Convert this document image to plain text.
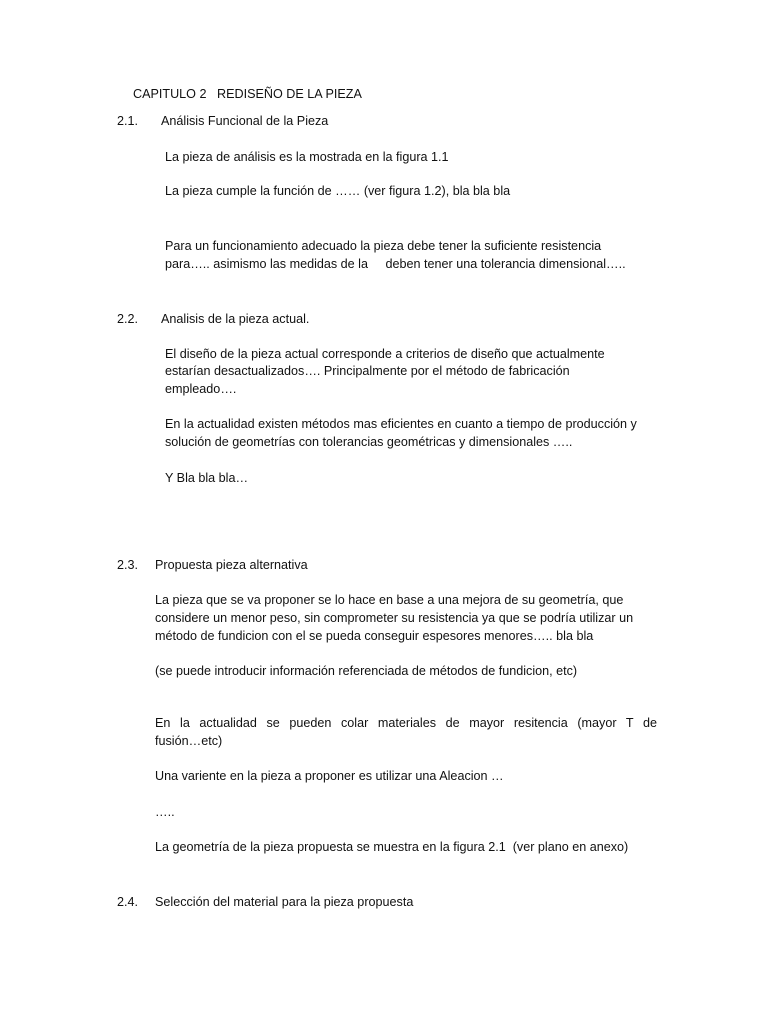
CAPITULO 2   REDISEÑO DE LA PIEZA

2.1. Análisis Funcional de la Pieza

La pieza de análisis es la mostrada en la figura 1.1

La pieza cumple la función de …… (ver figura 1.2), bla bla bla

Para un funcionamiento adecuado la pieza debe tener la suficiente resistencia

para….. asimismo las medidas de la     deben tener una tolerancia dimensional…..

2.2. Analisis de la pieza actual.

El diseño de la pieza actual corresponde a criterios de diseño que actualmente

estarían desactualizados…. Principalmente por el método de fabricación

empleado….

En la actualidad existen métodos mas eficientes en cuanto a tiempo de producción y

solución de geometrías con tolerancias geométricas y dimensionales …..

Y Bla bla bla…

2.3. Propuesta pieza alternativa

La pieza que se va proponer se lo hace en base a una mejora de su geometría, que

considere un menor peso, sin comprometer su resistencia ya que se podría utilizar un

método de fundicion con el se pueda conseguir espesores menores….. bla bla

(se puede introducir información referenciada de métodos de fundicion, etc)

En la actualidad se pueden colar materiales de mayor resitencia (mayor T de

fusión…etc)

Una variente en la pieza a proponer es utilizar una Aleacion …

…..

La geometría de la pieza propuesta se muestra en la figura 2.1  (ver plano en anexo)

2.4. Selección del material para la pieza propuesta
